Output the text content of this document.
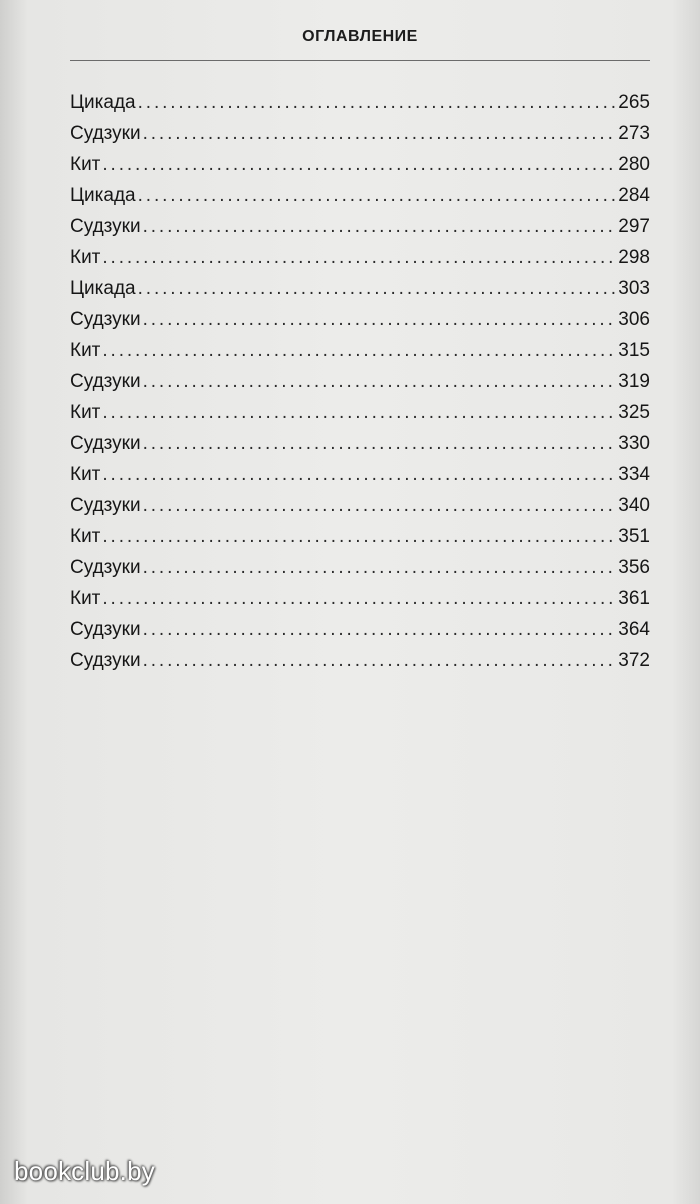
ОГЛАВЛЕНИЕ
Цикада . . .	265
Судзуки . . .	273
Кит . . .	280
Цикада . . .	284
Судзуки . . .	297
Кит . . .	298
Цикада . . .	303
Судзуки . . .	306
Кит . . .	315
Судзуки . . .	319
Кит . . .	325
Судзуки . . .	330
Кит . . .	334
Судзуки . . .	340
Кит . . .	351
Судзуки . . .	356
Кит . . .	361
Судзуки . . .	364
Судзуки . . .	372
bookclub.by
